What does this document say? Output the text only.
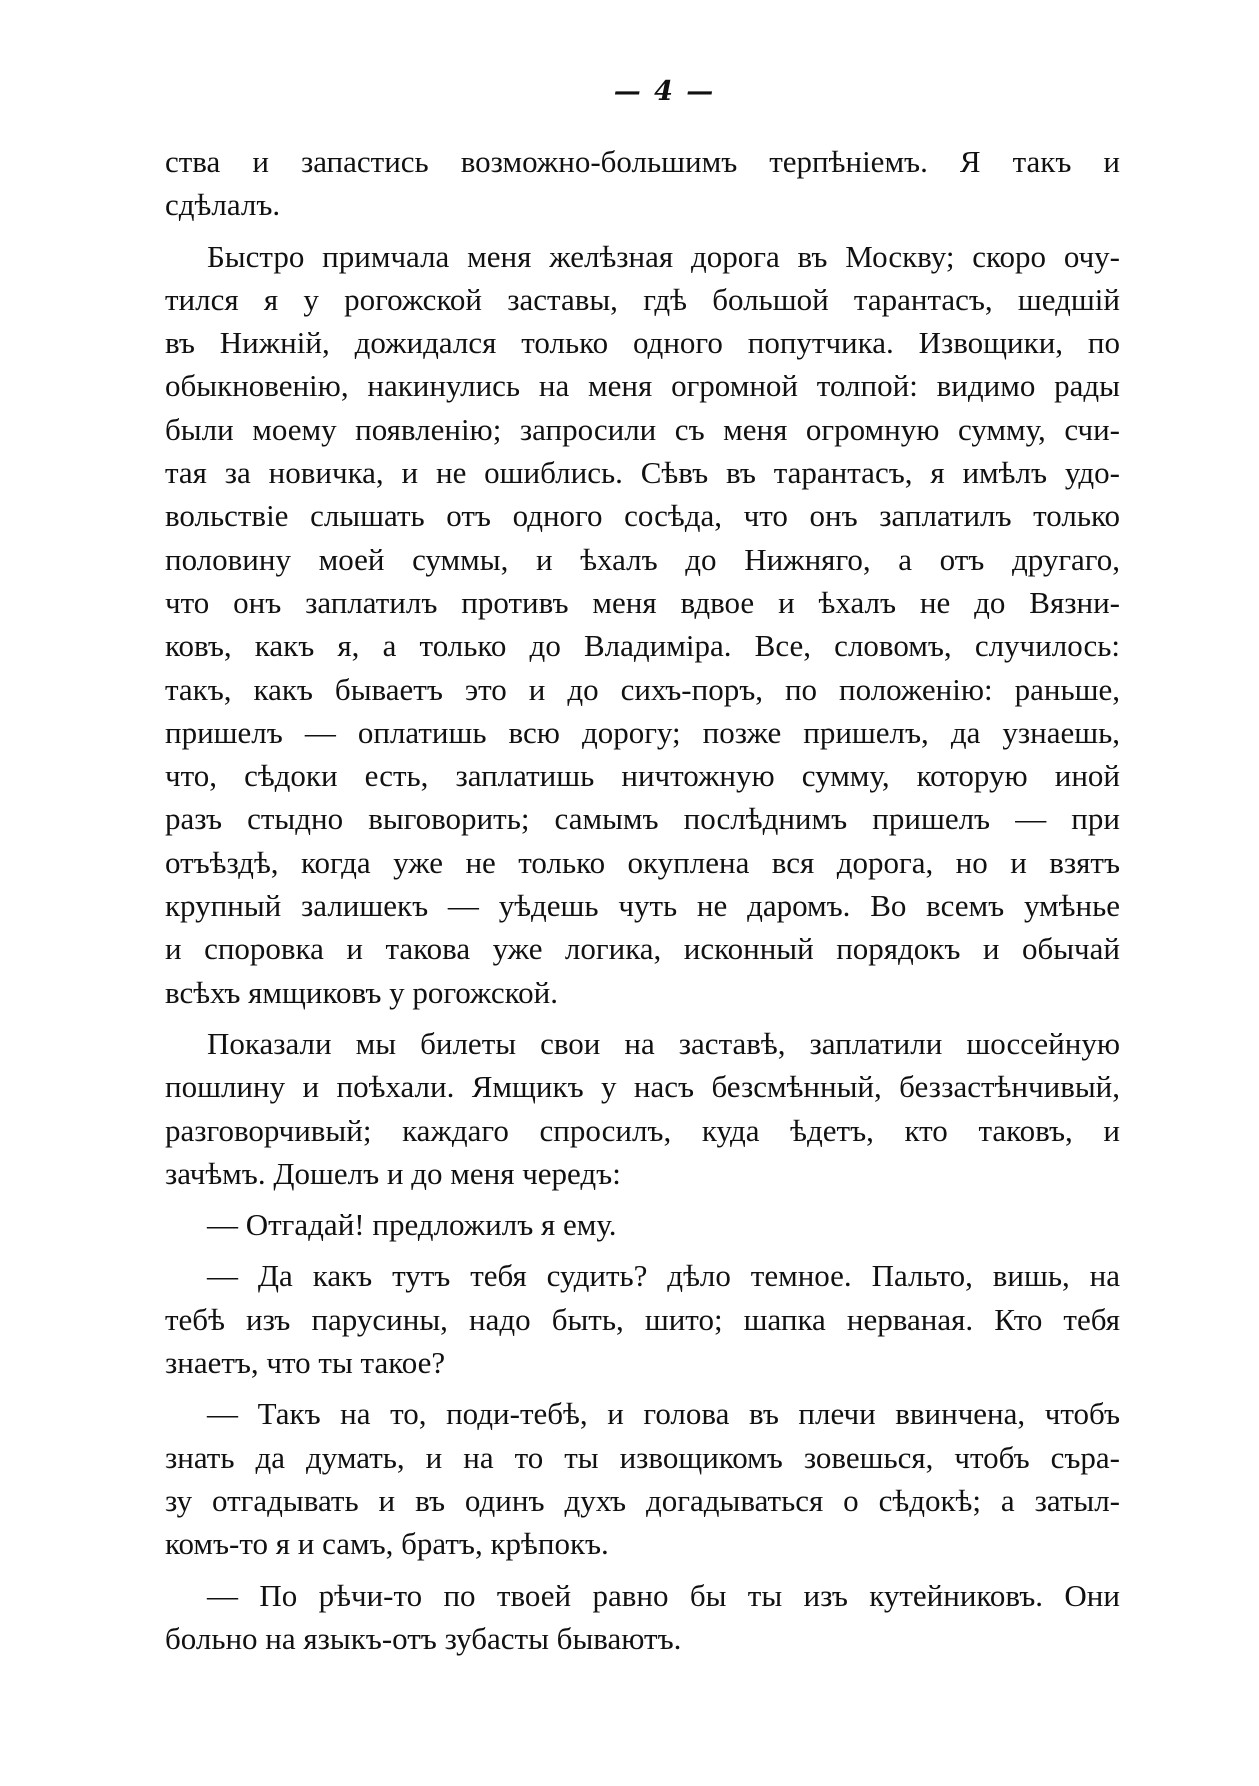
— 4 —
ства и запастись возможно-большимъ терпѣніемъ. Я такъ и
сдѣлалъ.
Быстро примчала меня желѣзная дорога въ Москву; скоро очу-
тился я у рогожской заставы, гдѣ большой тарантасъ, шедшій
въ Нижній, дожидался только одного попутчика. Извощики, по
обыкновенію, накинулись на меня огромной толпой: видимо рады
были моему появленію; запросили съ меня огромную сумму, счи-
тая за новичка, и не ошиблись. Сѣвъ въ тарантасъ, я имѣлъ удо-
вольствіе слышать отъ одного сосѣда, что онъ заплатилъ только
половину моей суммы, и ѣхалъ до Нижняго, а отъ другаго,
что онъ заплатилъ противъ меня вдвое и ѣхалъ не до Вязни-
ковъ, какъ я, а только до Владиміра. Все, словомъ, случилось:
такъ, какъ бываетъ это и до сихъ-поръ, по положенію: раньше,
пришелъ — оплатишь всю дорогу; позже пришелъ, да узнаешь,
что, сѣдоки есть, заплатишь ничтожную сумму, которую иной
разъ стыдно выговорить; самымъ послѣднимъ пришелъ — при
отъѣздѣ, когда уже не только окуплена вся дорога, но и взятъ
крупный залишекъ — уѣдешь чуть не даромъ. Во всемъ умѣнье
и споровка и такова уже логика, исконный порядокъ и обычай
всѣхъ ямщиковъ у рогожской.
Показали мы билеты свои на заставѣ, заплатили шоссейную
пошлину и поѣхали. Ямщикъ у насъ безсмѣнный, беззастѣнчивый,
разговорчивый; каждаго спросилъ, куда ѣдетъ, кто таковъ, и
зачѣмъ. Дошелъ и до меня чередъ:
— Отгадай! предложилъ я ему.
— Да какъ тутъ тебя судить? дѣло темное. Пальто, вишь, на
тебѣ изъ парусины, надо быть, шито; шапка нерваная. Кто тебя
знаетъ, что ты такое?
— Такъ на то, поди-тебѣ, и голова въ плечи ввинчена, чтобъ
знать да думать, и на то ты извощикомъ зовешься, чтобъ съра-
зу отгадывать и въ одинъ духъ догадываться о сѣдокѣ; а затыл-
комъ-то я и самъ, братъ, крѣпокъ.
— По рѣчи-то по твоей равно бы ты изъ кутейниковъ. Они
больно на языкъ-отъ зубасты бываютъ.
